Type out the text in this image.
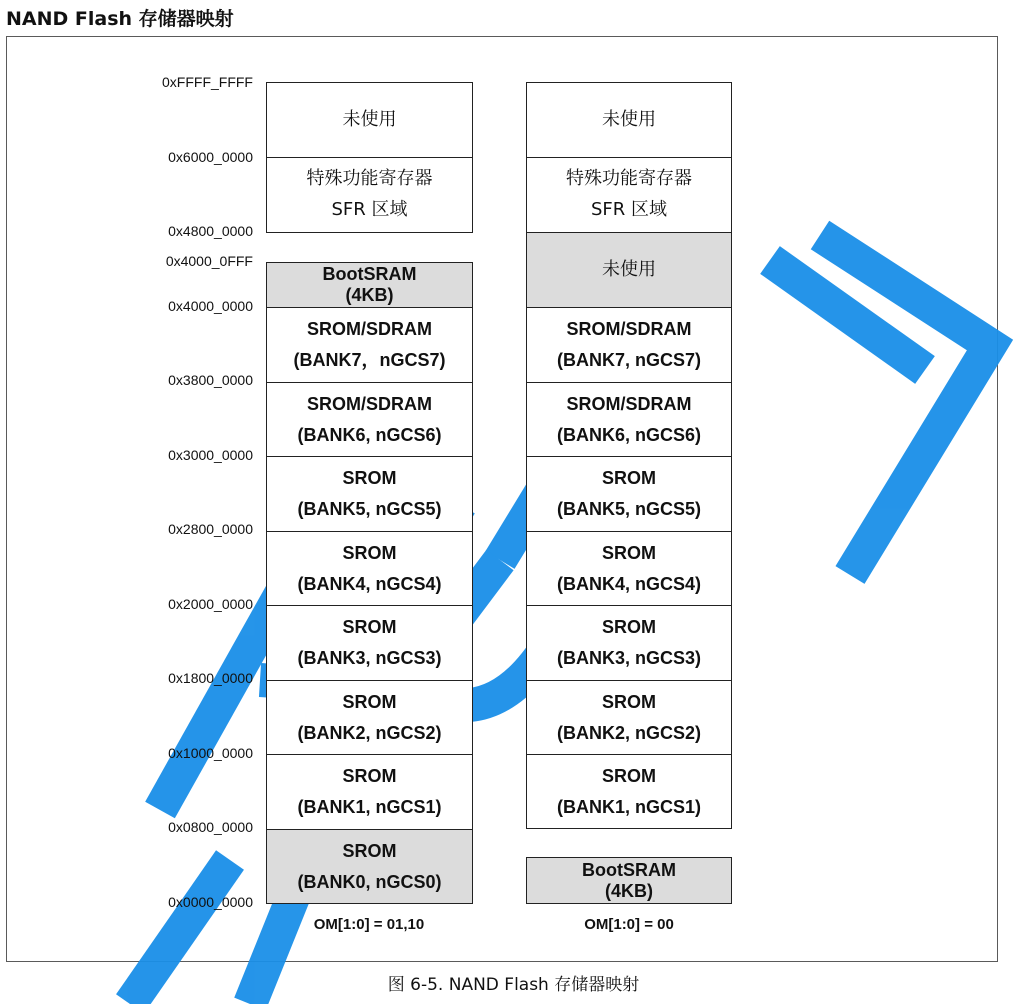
NAND Flash 存储器映射
0xFFFF_FFFF
0x6000_0000
0x4800_0000
0x4000_0FFF
0x4000_0000
0x3800_0000
0x3000_0000
0x2800_0000
0x2000_0000
0x1800_0000
0x1000_0000
0x0800_0000
0x0000_0000
未使用
特殊功能寄存器
SFR 区域
BootSRAM
(4KB)
SROM/SDRAM
(BANK7，nGCS7)
SROM/SDRAM
(BANK6, nGCS6)
SROM
(BANK5, nGCS5)
SROM
(BANK4, nGCS4)
SROM
(BANK3, nGCS3)
SROM
(BANK2, nGCS2)
SROM
(BANK1, nGCS1)
SROM
(BANK0, nGCS0)
OM[1:0] = 01,10
未使用
特殊功能寄存器
SFR 区域
未使用
SROM/SDRAM
(BANK7, nGCS7)
SROM/SDRAM
(BANK6, nGCS6)
SROM
(BANK5, nGCS5)
SROM
(BANK4, nGCS4)
SROM
(BANK3, nGCS3)
SROM
(BANK2, nGCS2)
SROM
(BANK1, nGCS1)
BootSRAM
(4KB)
OM[1:0] = 00
图 6-5. NAND Flash 存储器映射
